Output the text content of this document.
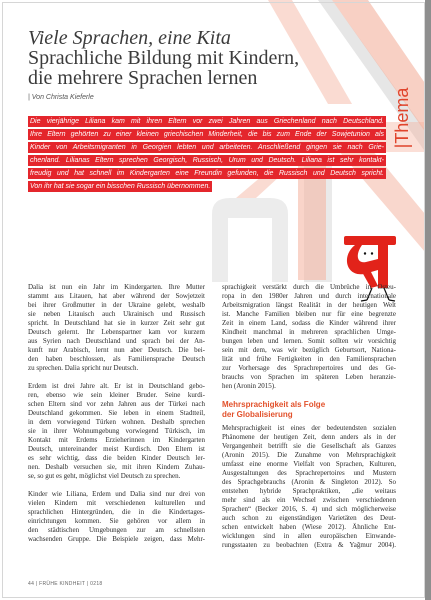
Viele Sprachen, eine Kita
Sprachliche Bildung mit Kindern,
die mehrere Sprachen lernen
| Von Christa Kieferle	|Thema
Die vierjährige Liliana kam mit ihren Eltern vor zwei Jahren aus Griechenland nach Deutschland.
Ihre Eltern gehörten zu einer kleinen griechischen Minderheit, die bis zum Ende der Sowjetunion als
Kinder von Arbeitsmigranten in Georgien lebten und arbeiteten. Anschließend gingen sie nach Grie-
chenland. Lilianas Eltern sprechen Georgisch, Russisch, Urum und Deutsch. Liliana ist sehr kontakt-
freudig und hat schnell im Kindergarten eine Freundin gefunden, die Russisch und Deutsch spricht.
Von ihr hat sie sogar ein bisschen Russisch übernommen.
Dalia ist nun ein Jahr im Kindergarten. Ihre Mutter
stammt aus Litauen, hat aber während der Sowjetzeit
bei ihrer Großmutter in der Ukraine gelebt, weshalb
sie neben Litauisch auch Ukrainisch und Russisch
spricht. In Deutschland hat sie in kurzer Zeit sehr gut
Deutsch gelernt. Ihr Lebenspartner kam vor kurzem
aus Syrien nach Deutschland und sprach bei der An-
kunft nur Arabisch, lernt nun aber Deutsch. Die bei-
den haben beschlossen, als Familiensprache Deutsch
zu sprechen. Dalia spricht nur Deutsch.
Erdem ist drei Jahre alt. Er ist in Deutschland gebo-
ren, ebenso wie sein kleiner Bruder. Seine kurdi-
schen Eltern sind vor zehn Jahren aus der Türkei nach
Deutschland gekommen. Sie leben in einem Stadtteil,
in dem vorwiegend Türken wohnen. Deshalb sprechen
sie in ihrer Wohnumgebung vorwiegend Türkisch, im
Kontakt mit Erdems Erzieherinnen im Kindergarten
Deutsch, untereinander meist Kurdisch. Den Eltern ist
es sehr wichtig, dass die beiden Kinder Deutsch ler-
nen. Deshalb versuchen sie, mit ihren Kindern Zuhau-
se, so gut es geht, möglichst viel Deutsch zu sprechen.
Kinder wie Liliana, Erdem und Dalia sind nur drei von
vielen Kindern mit verschiedenen kulturellen und
sprachlichen Hintergründen, die in die Kindertages-
einrichtungen kommen. Sie gehören vor allem in
den städtischen Umgebungen zur am schnellsten
wachsenden Gruppe. Die Beispiele zeigen, dass Mehr-
sprachigkeit verstärkt durch die Umbrüche in Osteu-
ropa in den 1980er Jahren und durch internationale
Arbeitsmigration längst Realität in der heutigen Welt
ist. Manche Familien bleiben nur für eine begrenzte
Zeit in einem Land, sodass die Kinder während ihrer
Kindheit manchmal in mehreren sprachlichen Umge-
bungen leben und lernen. Somit sollten wir vorsichtig
sein mit dem, was wir bezüglich Geburtsort, Nationa-
lität und frühe Fertigkeiten in den Familiensprachen
zur Vorhersage des Sprachrepertoires und des Ge-
brauchs von Sprachen im späteren Leben heranzie-
hen (Aronin 2015).
Mehrsprachigkeit als Folge
der Globalisierung
Mehrsprachigkeit ist eines der bedeutendsten sozialen
Phänomene der heutigen Zeit, denn anders als in der
Vergangenheit betrifft sie die Gesellschaft als Ganzes
(Aronin 2015). Die Zunahme von Mehrsprachigkeit
umfasst eine enorme Vielfalt von Sprachen, Kulturen,
Ausgestaltungen des Sprachrepertoires und Mustern
des Sprachgebrauchs (Aronin & Singleton 2012). So
entstehen hybride Sprachpraktiken, „die weitaus
mehr sind als ein Wechsel zwischen verschiedenen
Sprachen“ (Becker 2016, S. 4) und sich möglicherweise
auch schon zu eigenständigen Varietäten des Deut-
schen entwickelt haben (Wiese 2012). Ähnliche Ent-
wicklungen sind in allen europäischen Einwande-
rungsstaaten zu beobachten (Extra & Yağmur 2004).
44 | FRÜHE KINDHEIT | 0218
